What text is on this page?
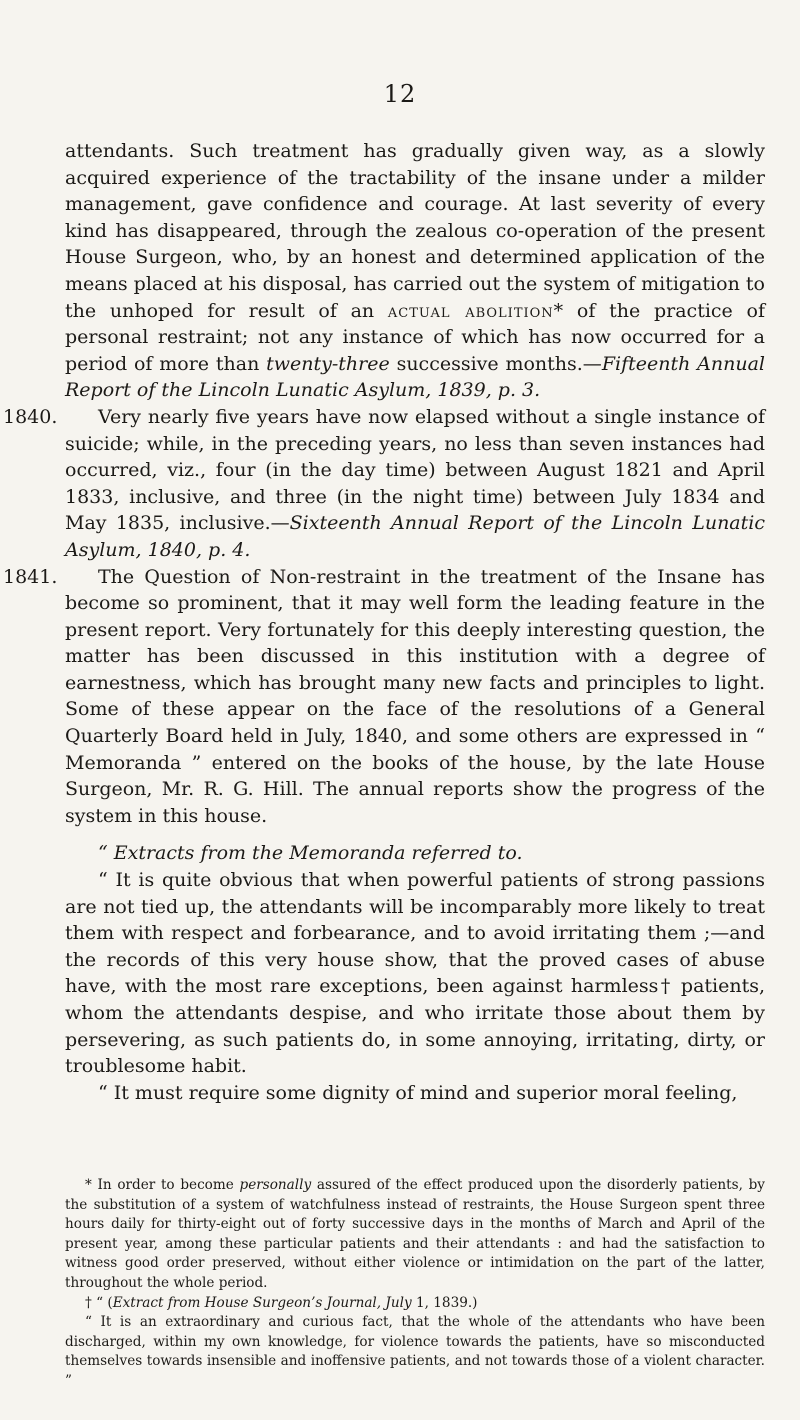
12

attendants. Such treatment has gradually given way, as a slowly acquired experience of the tractability of the insane under a milder management, gave confidence and courage. At last severity of every kind has disappeared, through the zealous co-operation of the present House Surgeon, who, by an honest and determined application of the means placed at his disposal, has carried out the system of mitigation to the unhoped for result of an actual abolition* of the practice of personal restraint; not any instance of which has now occurred for a period of more than twenty-three successive months.—Fifteenth Annual Report of the Lincoln Lunatic Asylum, 1839, p. 3.

1840. Very nearly five years have now elapsed without a single instance of suicide; while, in the preceding years, no less than seven instances had occurred, viz., four (in the day time) between August 1821 and April 1833, inclusive, and three (in the night time) between July 1834 and May 1835, inclusive.—Sixteenth Annual Report of the Lincoln Lunatic Asylum, 1840, p. 4.

1841. The Question of Non-restraint in the treatment of the Insane has become so prominent, that it may well form the leading feature in the present report. Very fortunately for this deeply interesting question, the matter has been discussed in this institution with a degree of earnestness, which has brought many new facts and principles to light. Some of these appear on the face of the resolutions of a General Quarterly Board held in July, 1840, and some others are expressed in “ Memoranda ” entered on the books of the house, by the late House Surgeon, Mr. R. G. Hill. The annual reports show the progress of the system in this house.

“ Extracts from the Memoranda referred to.

“ It is quite obvious that when powerful patients of strong passions are not tied up, the attendants will be incomparably more likely to treat them with respect and forbearance, and to avoid irritating them ;—and the records of this very house show, that the proved cases of abuse have, with the most rare exceptions, been against harmless† patients, whom the attendants despise, and who irritate those about them by persevering, as such patients do, in some annoying, irritating, dirty, or troublesome habit.

“ It must require some dignity of mind and superior moral feeling,

* In order to become personally assured of the effect produced upon the disorderly patients, by the substitution of a system of watchfulness instead of restraints, the House Surgeon spent three hours daily for thirty-eight out of forty successive days in the months of March and April of the present year, among these particular patients and their attendants : and had the satisfaction to witness good order preserved, without either violence or intimidation on the part of the latter, throughout the whole period.

† “ (Extract from House Surgeon’s Journal, July 1, 1839.)

“ It is an extraordinary and curious fact, that the whole of the attendants who have been discharged, within my own knowledge, for violence towards the patients, have so misconducted themselves towards insensible and inoffensive patients, and not towards those of a violent character. ”
